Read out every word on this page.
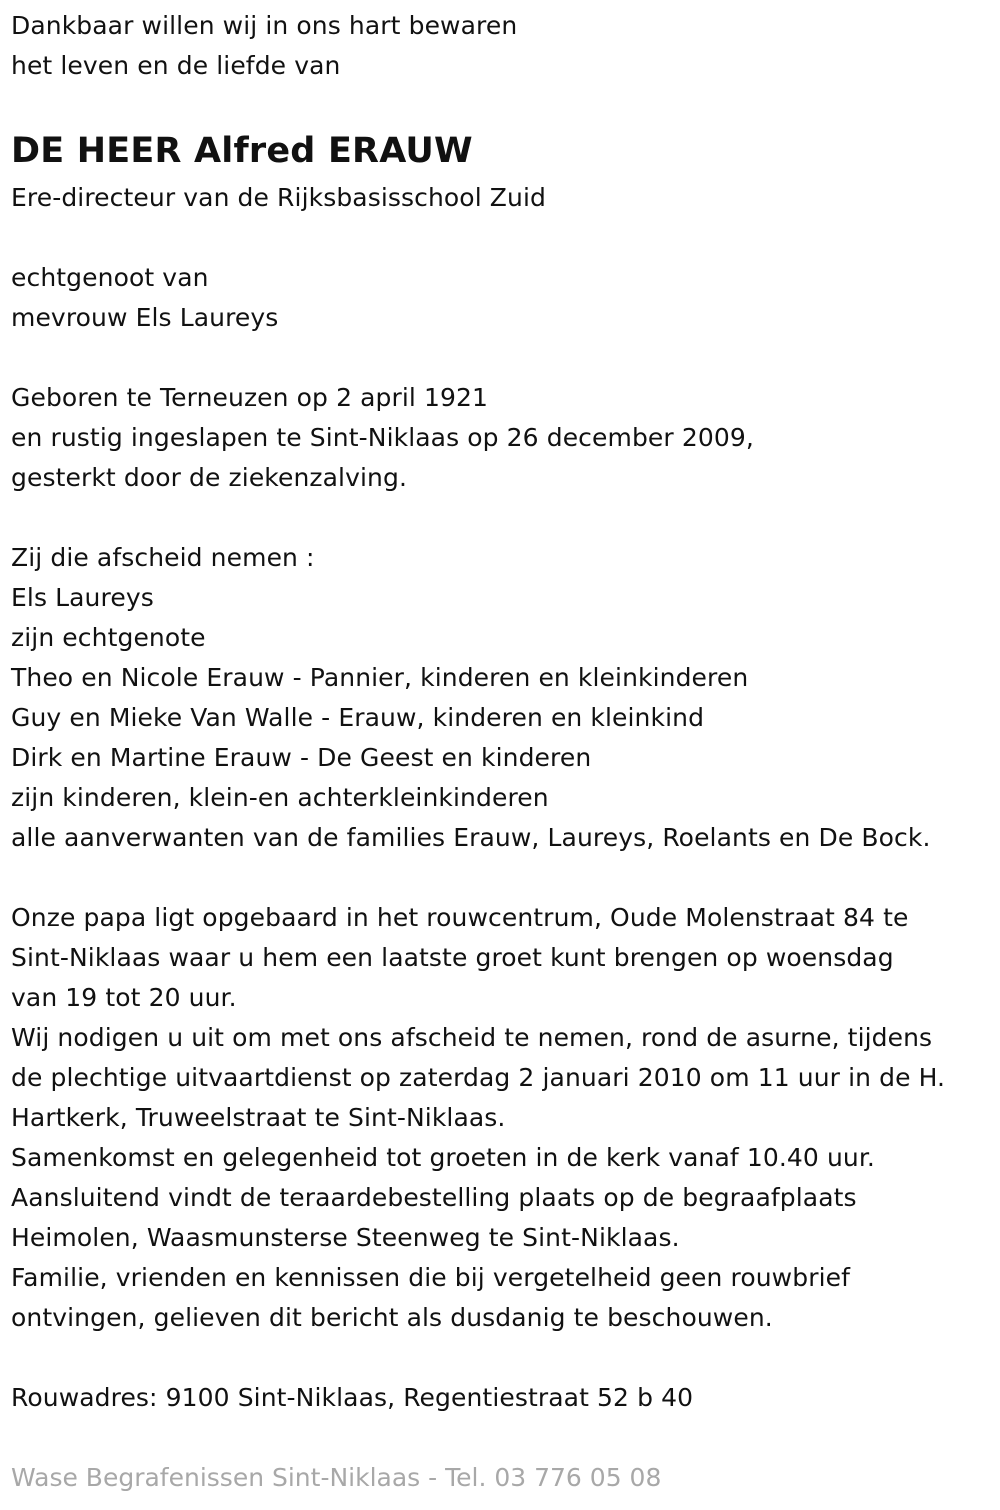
Dankbaar willen wij in ons hart bewaren
het leven en de liefde van
DE HEER Alfred ERAUW
Ere-directeur van de Rijksbasisschool Zuid
echtgenoot van
mevrouw Els Laureys
Geboren te Terneuzen op 2 april 1921
en rustig ingeslapen te Sint-Niklaas op 26 december 2009,
gesterkt door de ziekenzalving.
Zij die afscheid nemen :
Els Laureys
zijn echtgenote
Theo en Nicole Erauw - Pannier, kinderen en kleinkinderen
Guy en Mieke Van Walle - Erauw, kinderen en kleinkind
Dirk en Martine Erauw - De Geest en kinderen
zijn kinderen, klein-en achterkleinkinderen
alle aanverwanten van de families Erauw, Laureys, Roelants en De Bock.
Onze papa ligt opgebaard in het rouwcentrum, Oude Molenstraat 84 te
Sint-Niklaas waar u hem een laatste groet kunt brengen op woensdag
van 19 tot 20 uur.
Wij nodigen u uit om met ons afscheid te nemen, rond de asurne, tijdens
de plechtige uitvaartdienst op zaterdag 2 januari 2010 om 11 uur in de H.
Hartkerk, Truweelstraat te Sint-Niklaas.
Samenkomst en gelegenheid tot groeten in de kerk vanaf 10.40 uur.
Aansluitend vindt de teraardebestelling plaats op de begraafplaats
Heimolen, Waasmunsterse Steenweg te Sint-Niklaas.
Familie, vrienden en kennissen die bij vergetelheid geen rouwbrief
ontvingen, gelieven dit bericht als dusdanig te beschouwen.
Rouwadres: 9100 Sint-Niklaas, Regentiestraat 52 b 40
Wase Begrafenissen Sint-Niklaas - Tel. 03 776 05 08
